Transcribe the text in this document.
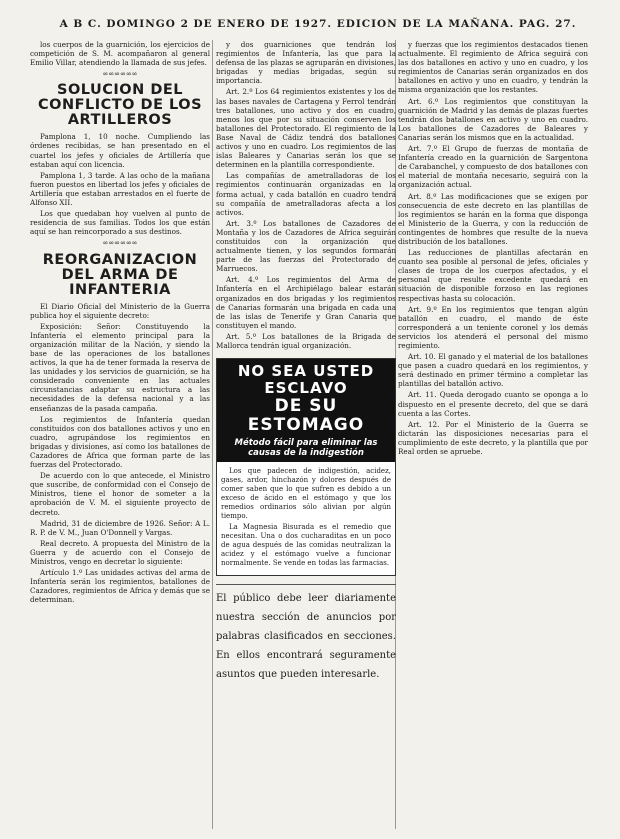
A B C. DOMINGO 2 DE ENERO DE 1927. EDICION DE LA MAÑANA. PAG. 27.

los cuerpos de la guarnición, los ejercicios de competición de S. M. acompañaron al general Emilio Villar, atendiendo la llamada de sus jefes.

∞∞∞∞∞∞
SOLUCION DEL CONFLICTO DE LOS ARTILLEROS

Pamplona 1, 10 noche. Cumpliendo las órdenes recibidas, se han presentado en el cuartel los jefes y oficiales de Artillería que estaban aquí con licencia.

Pamplona 1, 3 tarde. A las ocho de la mañana fueron puestos en libertad los jefes y oficiales de Artillería que estaban arrestados en el fuerte de Alfonso XII.

Los que quedaban hoy vuelven al punto de residencia de sus familias. Todos los que están aquí se han reincorporado a sus destinos.

∞∞∞∞∞∞
REORGANIZACION DEL ARMA DE INFANTERIA

El Diario Oficial del Ministerio de la Guerra publica hoy el siguiente decreto:

Exposición: Señor: Constituyendo la Infantería el elemento principal para la organización militar de la Nación, y siendo la base de las operaciones de los batallones activos, la que ha de tener formada la reserva de las unidades y los servicios de guarnición, se ha considerado conveniente en las actuales circunstancias adaptar su estructura a las necesidades de la defensa nacional y a las enseñanzas de la pasada campaña.

Los regimientos de Infantería quedan constituidos con dos batallones activos y uno en cuadro, agrupándose los regimientos en brigadas y divisiones, así como los batallones de Cazadores de Africa que forman parte de las fuerzas del Protectorado.

De acuerdo con lo que antecede, el Ministro que suscribe, de conformidad con el Consejo de Ministros, tiene el honor de someter a la aprobación de V. M. el siguiente proyecto de decreto.

Madrid, 31 de diciembre de 1926. Señor: A L. R. P. de V. M., Juan O'Donnell y Vargas.

Real decreto. A propuesta del Ministro de la Guerra y de acuerdo con el Consejo de Ministros, vengo en decretar lo siguiente:

Artículo 1.º Las unidades activas del arma de Infantería serán los regimientos, batallones de Cazadores, regimientos de Africa y demás que se determinan.

y dos guarniciones que tendrán los regimientos de Infantería, las que para la defensa de las plazas se agruparán en divisiones, brigadas y medias brigadas, según su importancia.

Art. 2.º Los 64 regimientos existentes y los de las bases navales de Cartagena y Ferrol tendrán tres batallones, uno activo y dos en cuadro, menos los que por su situación conserven los batallones del Protectorado. El regimiento de la Base Naval de Cádiz tendrá dos batallones activos y uno en cuadro. Los regimientos de las islas Baleares y Canarias serán los que se determinen en la plantilla correspondiente.

Las compañías de ametralladoras de los regimientos continuarán organizadas en la forma actual, y cada batallón en cuadro tendrá su compañía de ametralladoras afecta a los activos.

Art. 3.º Los batallones de Cazadores de Montaña y los de Cazadores de Africa seguirán constituidos con la organización que actualmente tienen, y los segundos formarán parte de las fuerzas del Protectorado de Marruecos.

Art. 4.º Los regimientos del Arma de Infantería en el Archipiélago balear estarán organizados en dos brigadas y los regimientos de Canarias formarán una brigada en cada una de las islas de Tenerife y Gran Canaria que constituyen el mando.

Art. 5.º Los batallones de la Brigada de Mallorca tendrán igual organización.

NO SEA USTED ESCLAVO
DE SU ESTOMAGO
Método fácil para eliminar las causas de la indigestión

Los que padecen de indigestión, acidez, gases, ardor, hinchazón y dolores después de comer saben que lo que sufren es debido a un exceso de ácido en el estómago y que los remedios ordinarios sólo alivian por algún tiempo.

La Magnesia Bisurada es el remedio que necesitan. Una o dos cucharaditas en un poco de agua después de las comidas neutralizan la acidez y el estómago vuelve a funcionar normalmente. Se vende en todas las farmacias.

El público debe leer diariamente nuestra sección de anuncios por palabras clasificados en secciones. En ellos encontrará seguramente asuntos que pueden interesarle.

y fuerzas que los regimientos destacados tienen actualmente. El regimiento de Africa seguirá con las dos batallones en activo y uno en cuadro, y los regimientos de Canarias serán organizados en dos batallones en activo y uno en cuadro, y tendrán la misma organización que los restantes.

Art. 6.º Los regimientos que constituyan la guarnición de Madrid y las demás de plazas fuertes tendrán dos batallones en activo y uno en cuadro. Los batallones de Cazadores de Baleares y Canarias serán los mismos que en la actualidad.

Art. 7.º El Grupo de fuerzas de montaña de Infantería creado en la guarnición de Sargentona de Carabanchel, y compuesto de dos batallones con el material de montaña necesario, seguirá con la organización actual.

Art. 8.º Las modificaciones que se exigen por consecuencia de este decreto en las plantillas de los regimientos se harán en la forma que disponga el Ministerio de la Guerra, y con la reducción de contingentes de hombres que resulte de la nueva distribución de los batallones.

Las reducciones de plantillas afectarán en cuanto sea posible al personal de jefes, oficiales y clases de tropa de los cuerpos afectados, y el personal que resulte excedente quedará en situación de disponible forzoso en las regiones respectivas hasta su colocación.

Art. 9.º En los regimientos que tengan algún batallón en cuadro, el mando de éste corresponderá a un teniente coronel y los demás servicios los atenderá el personal del mismo regimiento.

Art. 10. El ganado y el material de los batallones que pasen a cuadro quedará en los regimientos, y será destinado en primer término a completar las plantillas del batallón activo.

Art. 11. Queda derogado cuanto se oponga a lo dispuesto en el presente decreto, del que se dará cuenta a las Cortes.

Art. 12. Por el Ministerio de la Guerra se dictarán las disposiciones necesarias para el cumplimiento de este decreto, y la plantilla que por Real orden se apruebe.
